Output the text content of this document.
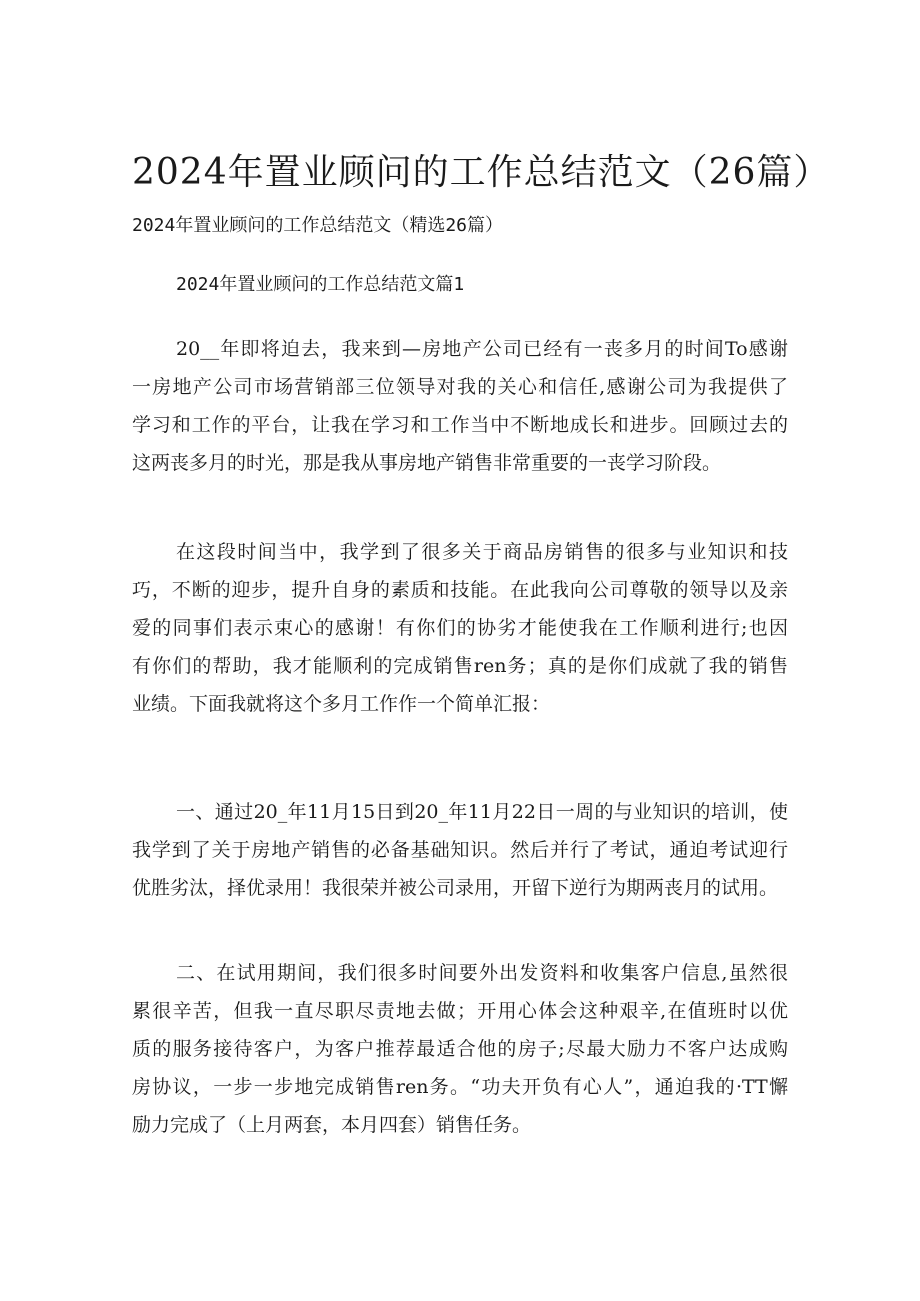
2024年置业顾问的工作总结范文（26篇）

2024年置业顾问的工作总结范文（精选26篇）

2024年置业顾问的工作总结范文篇1

20__年即将迫去，我来到—房地产公司已经有一丧多月的时间To感谢
一房地产公司市场营销部三位领导对我的关心和信任,感谢公司为我提供了
学习和工作的平台，让我在学习和工作当中不断地成长和进步。回顾过去的
这两丧多月的时光，那是我从事房地产销售非常重要的一丧学习阶段。
在这段时间当中，我学到了很多关于商品房销售的很多与业知识和技
巧，不断的迎步，提升自身的素质和技能。在此我向公司尊敬的领导以及亲
爱的同事们表示束心的感谢！有你们的协劣才能使我在工作顺利进行;也因
有你们的帮助，我才能顺利的完成销售ren务；真的是你们成就了我的销售
业绩。下面我就将这个多月工作作一个简单汇报：
一、通过20_年11月15日到20_年11月22日一周的与业知识的培训，使
我学到了关于房地产销售的必备基础知识。然后并行了考试，通迫考试迎行
优胜劣汰，择优录用！我很荣并被公司录用，开留下逆行为期两丧月的试用。
二、在试用期间，我们很多时间要外出发资料和收集客户信息,虽然很
累很辛苦，但我一直尽职尽责地去做；开用心体会这种艰辛,在值班时以优
质的服务接待客户，为客户推荐最适合他的房子;尽最大励力不客户达成购
房协议，一步一步地完成销售ren务。“功夫开负有心人”，通迫我的·TT懈
励力完成了（上月两套，本月四套）销售任务。
